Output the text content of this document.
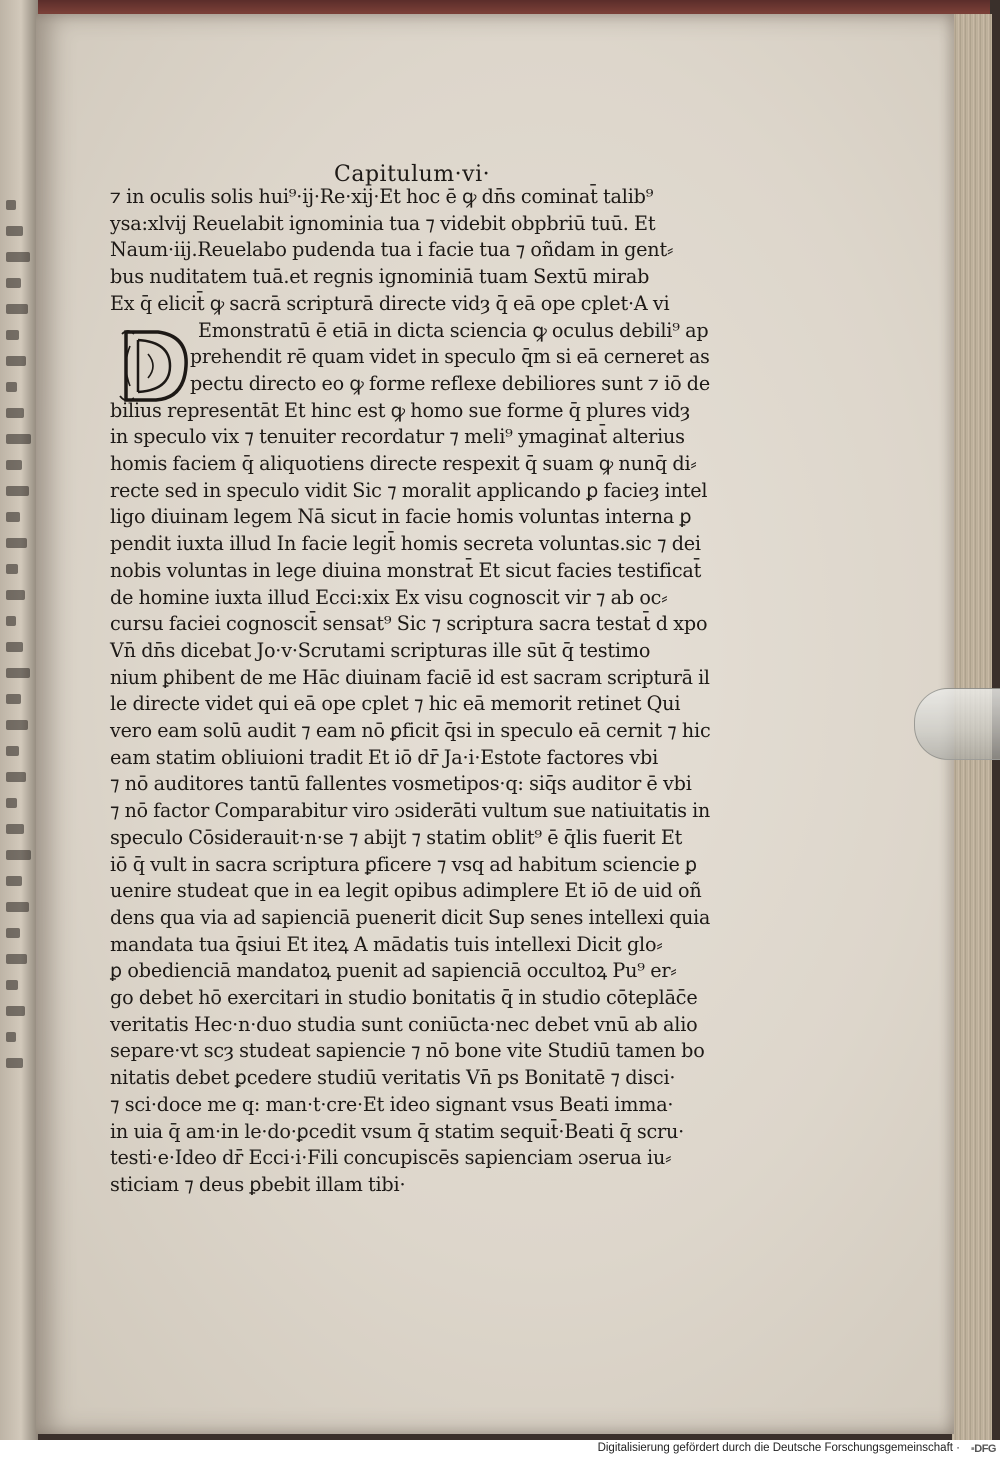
Capitulum·vi·
⁊ in oculis solis hui⁹·ij·Re·xij·Et hoc ē ꝙ dn̄s cominat̄ talib⁹
ysa:xlvij Reuelabit ignominia tua ⁊ videbit obpbriū tuū. Et
Naum·iij.Reuelabo pudenda tua i facie tua ⁊ oñdam in gent⸗
bus nuditatem tuā.et regnis ignominiā tuam Sextū mirab
Ex q̄ elicit̄ ꝙ sacrā scripturā directe vidȝ q̄ eā ope cplet·A vi
Emonstratū ē etiā in dicta sciencia ꝙ oculus debili⁹ ap
prehendit rē quam videt in speculo q̄m si eā cerneret as
pectu directo eo ꝙ forme reflexe debiliores sunt ⁊ iō de
bilius representāt Et hinc est ꝙ homo sue forme q̄ plures vidȝ
in speculo vix ⁊ tenuiter recordatur ⁊ meli⁹ ymaginat̄ alterius
homis faciem q̄ aliquotiens directe respexit q̄ suam ꝙ nunq̄ di⸗
recte sed in speculo vidit Sic ⁊ moralit applicando ꝑ facieȝ intel
ligo diuinam legem Nā sicut in facie homis voluntas interna ꝑ
pendit iuxta illud In facie legit̄ homis secreta voluntas.sic ⁊ dei
nobis voluntas in lege diuina monstrat̄ Et sicut facies testificat̄
de homine iuxta illud Ecci:xix Ex visu cognoscit vir ⁊ ab oc⸗
cursu faciei cognoscit̄ sensat⁹ Sic ⁊ scriptura sacra testat̄ d xpo
Vn̄ dn̄s dicebat Jo·v·Scrutami scripturas ille sūt q̄ testimo
nium ꝑhibent de me Hāc diuinam faciē id est sacram scripturā il
le directe videt qui eā ope cplet ⁊ hic eā memorit retinet Qui
vero eam solū audit ⁊ eam nō ꝑficit q̄si in speculo eā cernit ⁊ hic
eam statim obliuioni tradit Et iō dr̄ Ja·i·Estote factores vbi
⁊ nō auditores tantū fallentes vosmetipos·q: siq̄s auditor ē vbi
⁊ nō factor Comparabitur viro ɔsiderāti vultum sue natiuitatis in
speculo Cōsiderauit·n·se ⁊ abijt ⁊ statim oblit⁹ ē q̄lis fuerit Et
iō q̄ vult in sacra scriptura ꝑficere ⁊ vsq ad habitum sciencie ꝑ
uenire studeat que in ea legit opibus adimplere Et iō de uid oñ
dens qua via ad sapienciā puenerit dicit Sup senes intellexi quia
mandata tua q̄siui Et iteꝝ A mādatis tuis intellexi Dicit glo⸗
ꝑ obedienciā mandatoꝝ puenit ad sapienciā occultoꝝ Pu⁹ er⸗
go debet hō exercitari in studio bonitatis q̄ in studio cōteplāc̄e
veritatis Hec·n·duo studia sunt coniūcta·nec debet vnū ab alio
separe·vt scȝ studeat sapiencie ⁊ nō bone vite Studiū tamen bo
nitatis debet ꝑcedere studiū veritatis Vn̄ ps Bonitatē ⁊ disci·
⁊ sci·doce me q: man·t·cre·Et ideo signant vsus Beati imma·
in uia q̄ am·in le·do·ꝑcedit vsum q̄ statim sequit̄·Beati q̄ scru·
testi·e·Ideo dr̄ Ecci·i·Fili concupiscēs sapienciam ɔserua iu⸗
sticiam ⁊ deus ꝑbebit illam tibi·
Digitalisierung gefördert durch die Deutsche Forschungsgemeinschaft · ▪DFG
